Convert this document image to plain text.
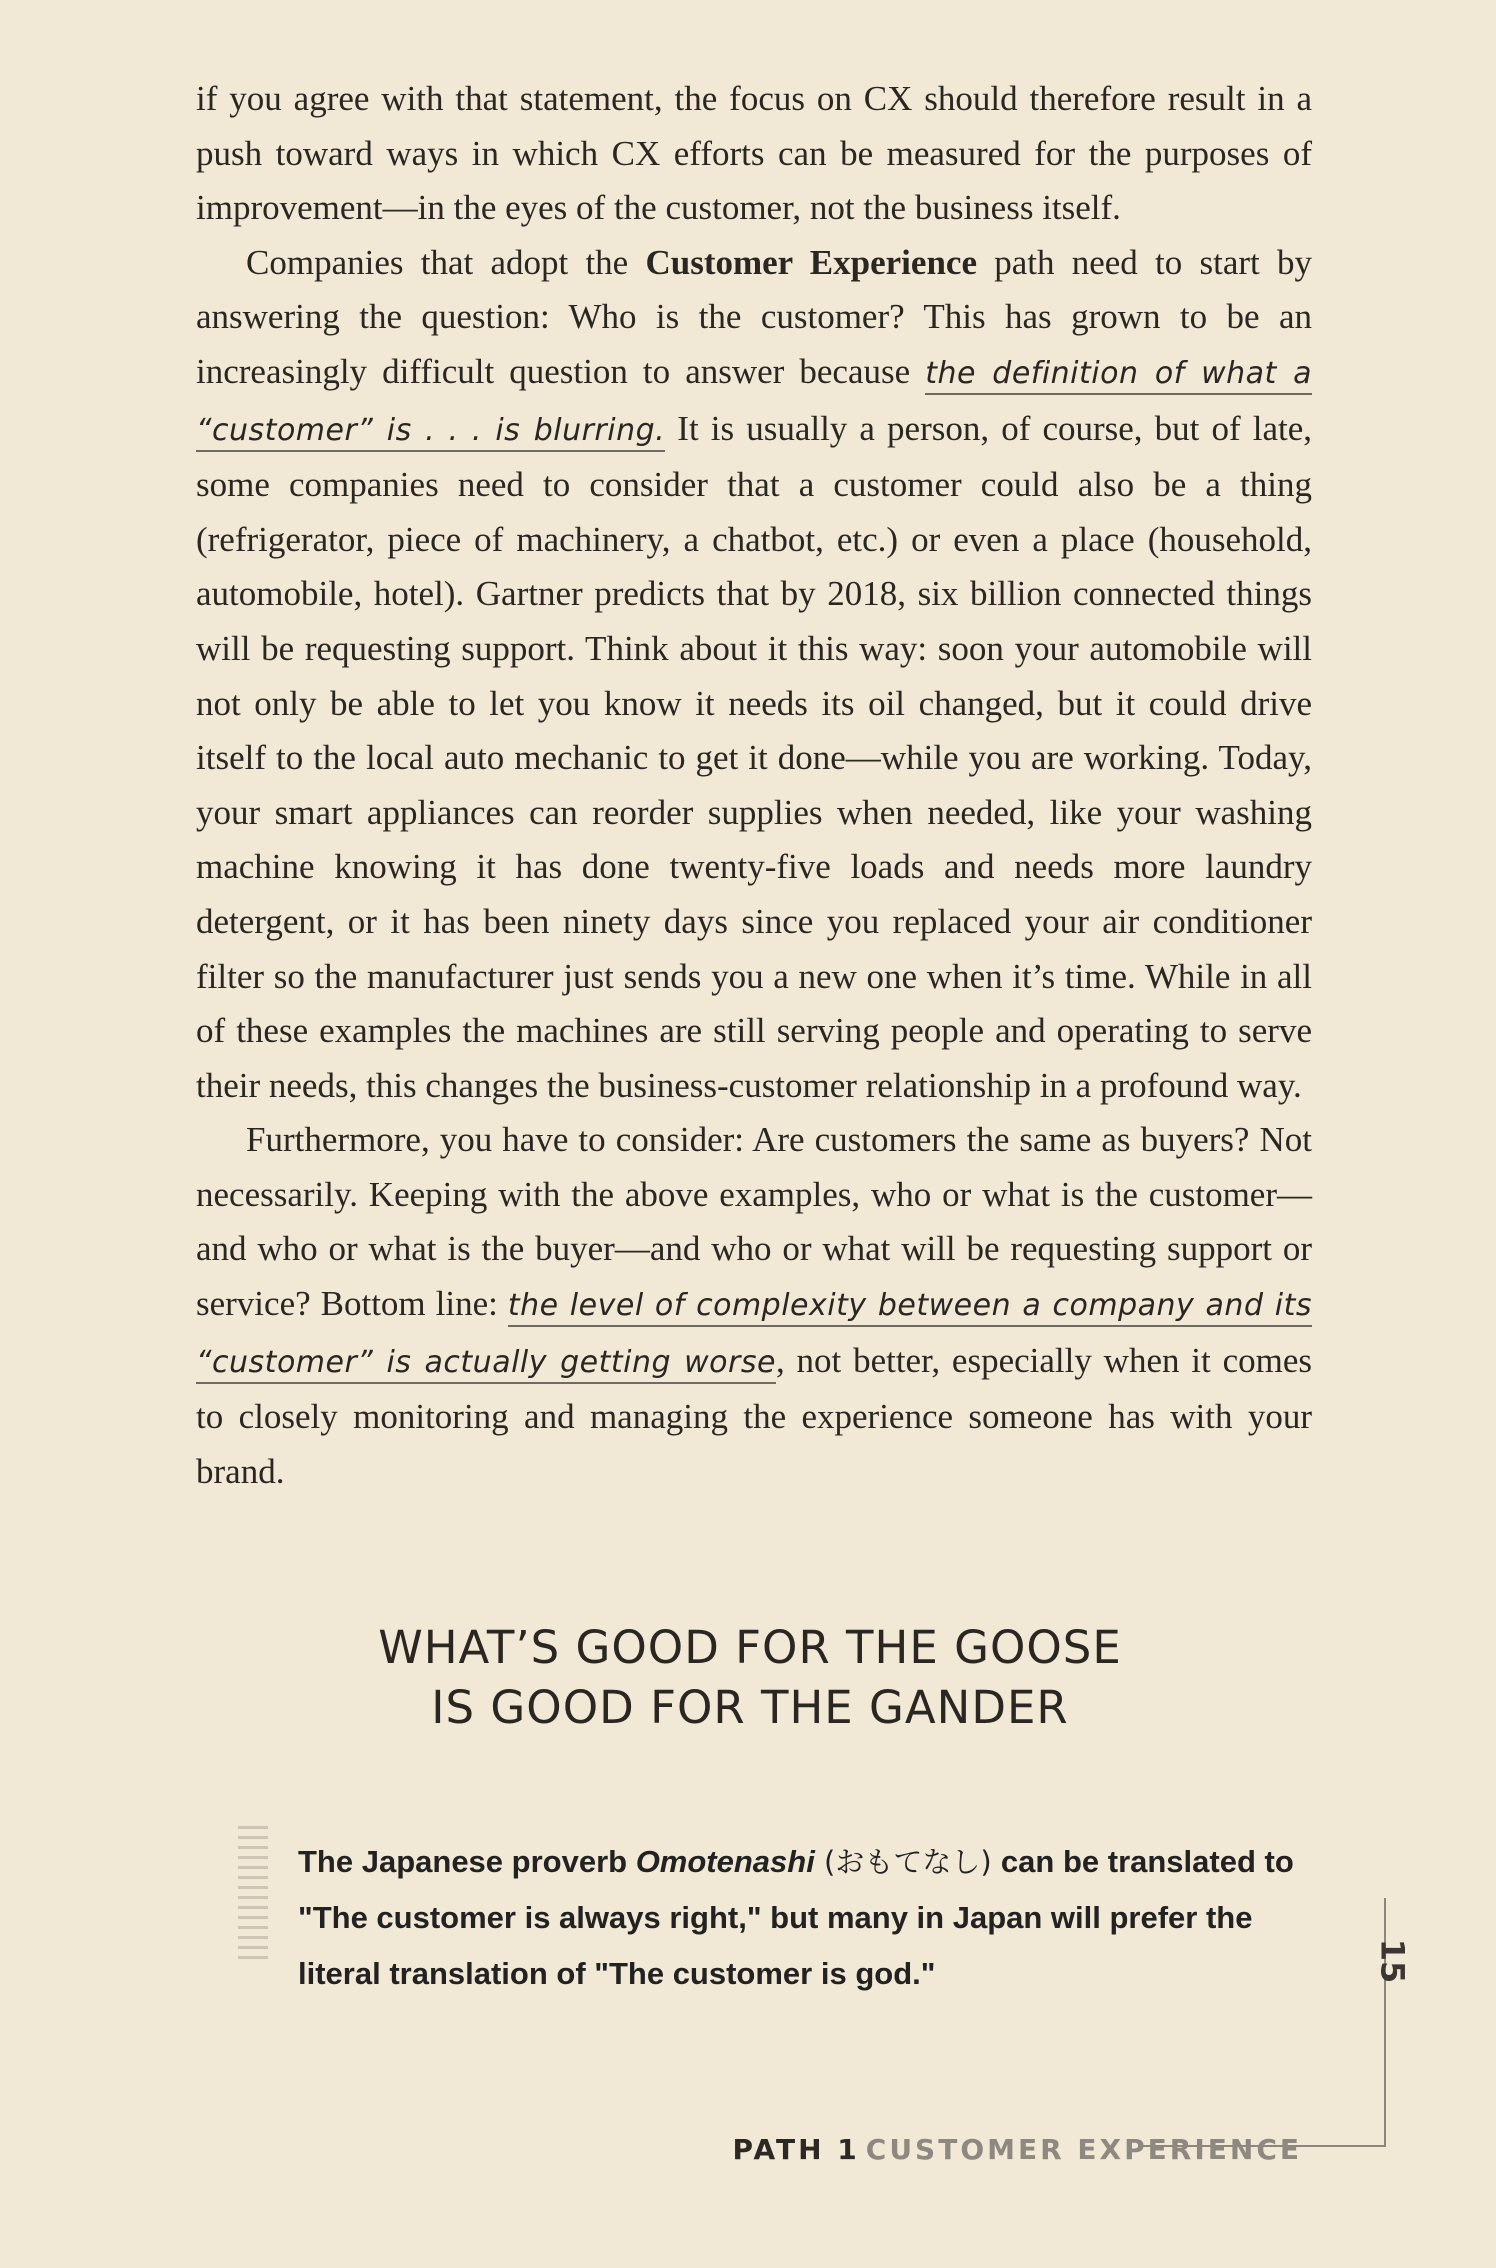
if you agree with that statement, the focus on CX should therefore result in a push toward ways in which CX efforts can be measured for the purposes of improvement—in the eyes of the customer, not the business itself.

Companies that adopt the Customer Experience path need to start by answering the question: Who is the customer? This has grown to be an increasingly difficult question to answer because the definition of what a “customer” is . . . is blurring. It is usually a person, of course, but of late, some companies need to consider that a customer could also be a thing (refrigerator, piece of machinery, a chatbot, etc.) or even a place (household, automobile, hotel). Gartner predicts that by 2018, six billion connected things will be requesting support. Think about it this way: soon your automobile will not only be able to let you know it needs its oil changed, but it could drive itself to the local auto mechanic to get it done—while you are working. Today, your smart appliances can reorder supplies when needed, like your washing machine knowing it has done twenty-five loads and needs more laundry detergent, or it has been ninety days since you replaced your air conditioner filter so the manufacturer just sends you a new one when it’s time. While in all of these examples the machines are still serving people and operating to serve their needs, this changes the business-customer relationship in a profound way.

Furthermore, you have to consider: Are customers the same as buyers? Not necessarily. Keeping with the above examples, who or what is the customer—and who or what is the buyer—and who or what will be requesting support or service? Bottom line: the level of complexity between a company and its “customer” is actually getting worse, not better, especially when it comes to closely monitoring and managing the experience someone has with your brand.

WHAT’S GOOD FOR THE GOOSE
IS GOOD FOR THE GANDER
The Japanese proverb Omotenashi (おもてなし) can be translated to "The customer is always right," but many in Japan will prefer the literal translation of "The customer is god."	15
PATH 1 CUSTOMER EXPERIENCE
